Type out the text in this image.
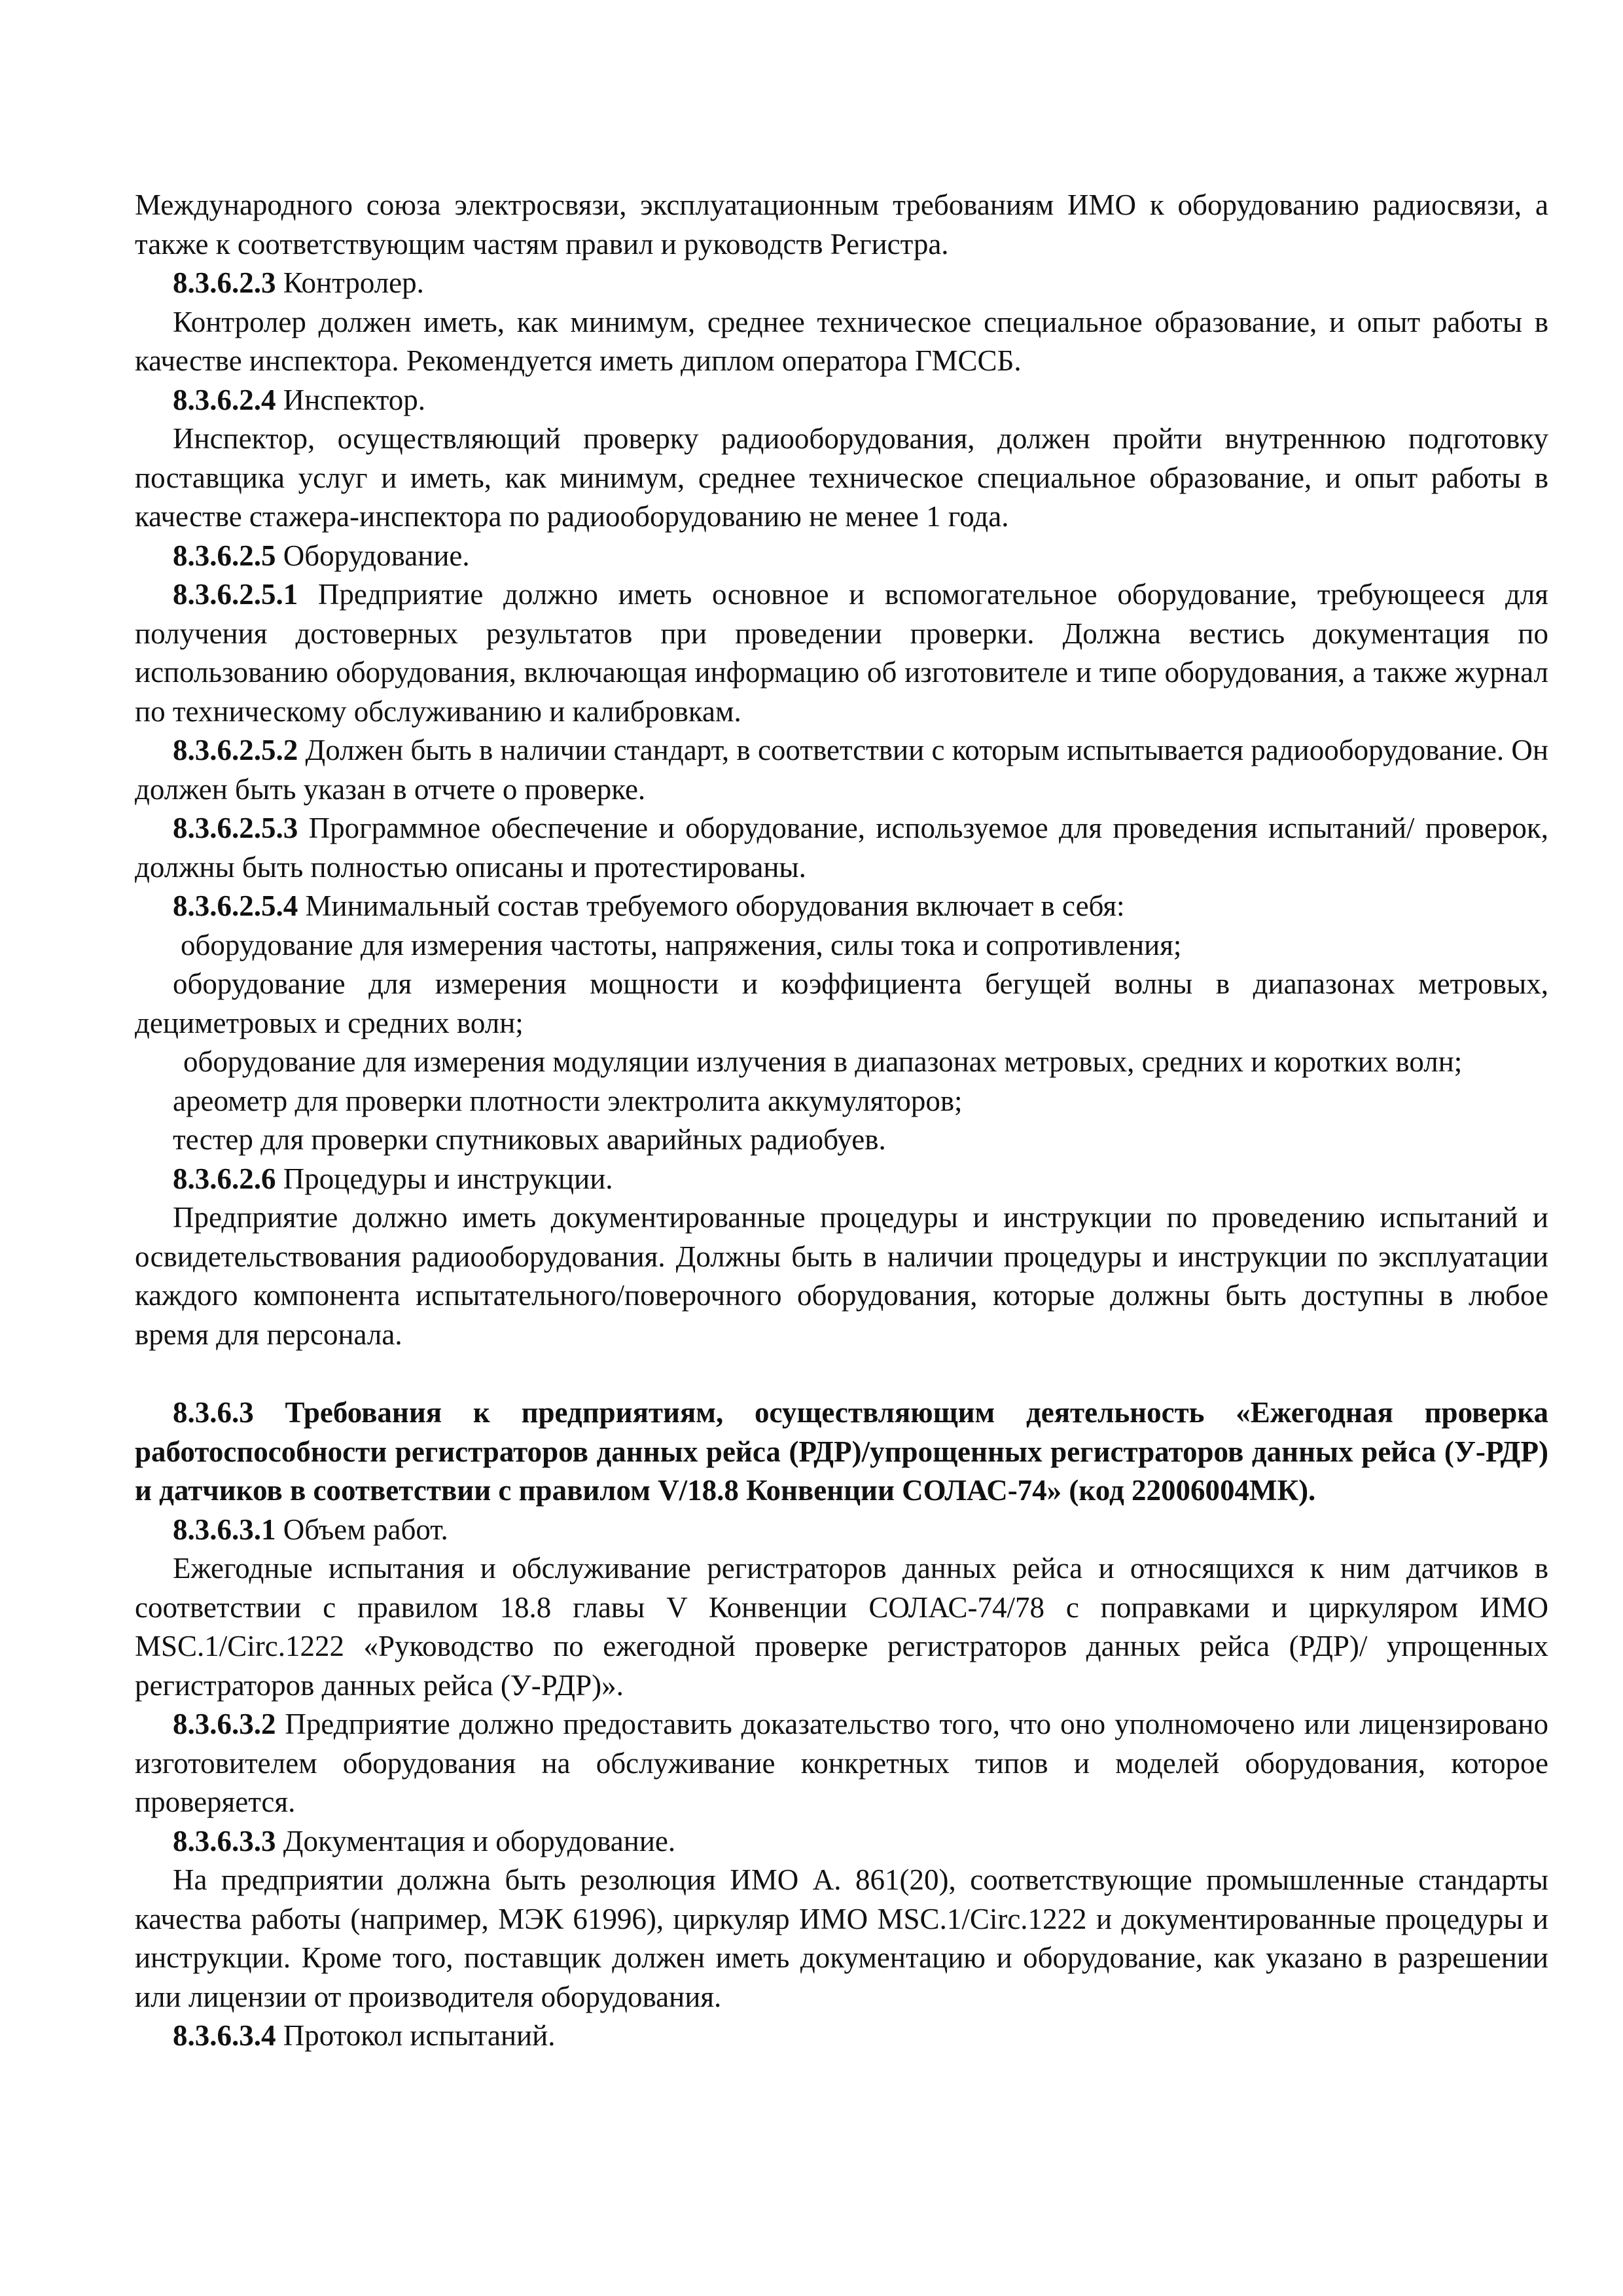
Международного союза электросвязи, эксплуатационным требованиям ИМО к оборудованию радиосвязи, а также к соответствующим частям правил и руководств Регистра.

8.3.6.2.3 Контролер.

Контролер должен иметь, как минимум, среднее техническое специальное образование, и опыт работы в качестве инспектора. Рекомендуется иметь диплом оператора ГМССБ.

8.3.6.2.4 Инспектор.

Инспектор, осуществляющий проверку радиооборудования, должен пройти внутреннюю подготовку поставщика услуг и иметь, как минимум, среднее техническое специальное образование, и опыт работы в качестве стажера-инспектора по радиооборудованию не менее 1 года.

8.3.6.2.5 Оборудование.

8.3.6.2.5.1 Предприятие должно иметь основное и вспомогательное оборудование, требующееся для получения достоверных результатов при проведении проверки. Должна вестись документация по использованию оборудования, включающая информацию об изготовителе и типе оборудования, а также журнал по техническому обслуживанию и калибровкам.

8.3.6.2.5.2 Должен быть в наличии стандарт, в соответствии с которым испытывается радиооборудование. Он должен быть указан в отчете о проверке.

8.3.6.2.5.3 Программное обеспечение и оборудование, используемое для проведения испытаний/ проверок, должны быть полностью описаны и протестированы.

8.3.6.2.5.4 Минимальный состав требуемого оборудования включает в себя:

оборудование для измерения частоты, напряжения, силы тока и сопротивления;

оборудование для измерения мощности и коэффициента бегущей волны в диапазонах метровых, дециметровых и средних волн;

оборудование для измерения модуляции излучения в диапазонах метровых, средних и коротких волн;

ареометр для проверки плотности электролита аккумуляторов;

тестер для проверки спутниковых аварийных радиобуев.

8.3.6.2.6 Процедуры и инструкции.

Предприятие должно иметь документированные процедуры и инструкции по проведению испытаний и освидетельствования радиооборудования. Должны быть в наличии процедуры и инструкции по эксплуатации каждого компонента испытательного/поверочного оборудования, которые должны быть доступны в любое время для персонала.

8.3.6.3 Требования к предприятиям, осуществляющим деятельность «Ежегодная проверка работоспособности регистраторов данных рейса (РДР)/упрощенных регистраторов данных рейса (У-РДР) и датчиков в соответствии с правилом V/18.8 Конвенции СОЛАС-74» (код 22006004МК).

8.3.6.3.1 Объем работ.

Ежегодные испытания и обслуживание регистраторов данных рейса и относящихся к ним датчиков в соответствии с правилом 18.8 главы V Конвенции СОЛАС-74/78 с поправками и циркуляром ИМО MSC.1/Circ.1222 «Руководство по ежегодной проверке регистраторов данных рейса (РДР)/ упрощенных регистраторов данных рейса (У-РДР)».

8.3.6.3.2 Предприятие должно предоставить доказательство того, что оно уполномочено или лицензировано изготовителем оборудования на обслуживание конкретных типов и моделей оборудования, которое проверяется.

8.3.6.3.3 Документация и оборудование.

На предприятии должна быть резолюция ИМО А. 861(20), соответствующие промышленные стандарты качества работы (например, МЭК 61996), циркуляр ИМО MSC.1/Circ.1222 и документированные процедуры и инструкции. Кроме того, поставщик должен иметь документацию и оборудование, как указано в разрешении или лицензии от производителя оборудования.

8.3.6.3.4 Протокол испытаний.
